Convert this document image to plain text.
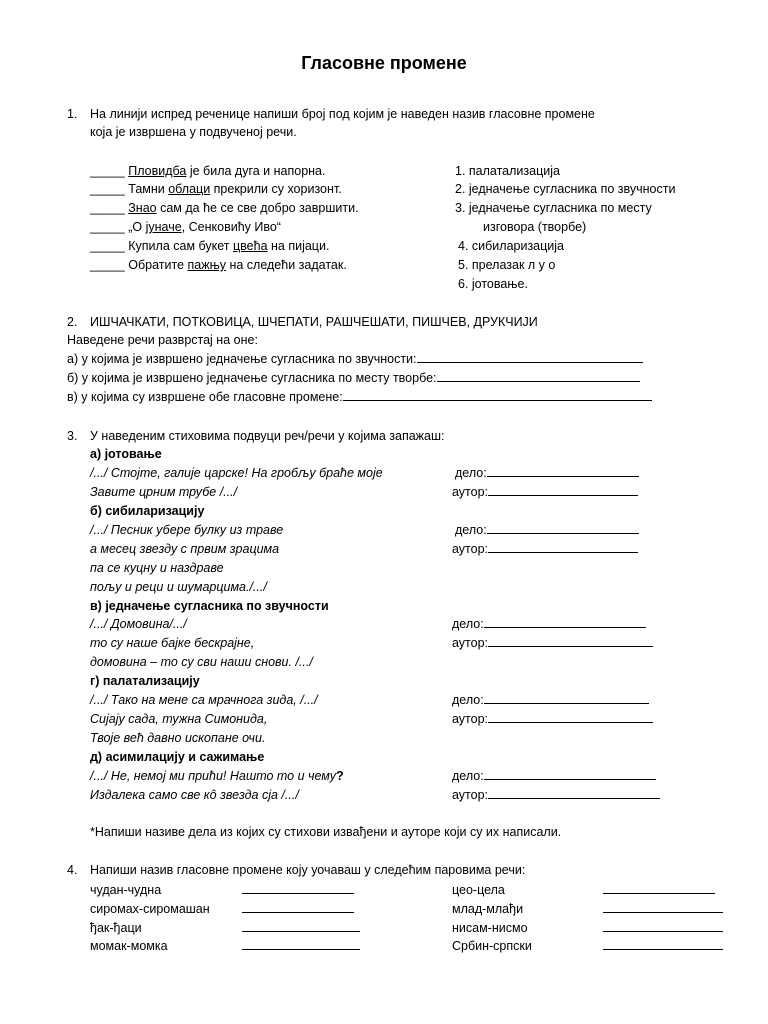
Гласовне промене
1. На линији испред реченице напиши број под којим је наведен назив гласовне промене
која је извршена у подвученој речи.
_____ Пловидба је била дуга и напорна.
_____ Тамни облаци прекрили су хоризонт.
_____ Знао сам да ће се све добро завршити.
_____ „О јуначе, Сенковићу Иво“
_____ Купила сам букет цвећа на пијаци.
_____ Обратите пажњу на следећи задатак.
1. палатализација
2. једначење сугласника по звучности
3. једначење сугласника по месту
изговора (творбе)
4. сибиларизација
5. прелазак л у о
6. јотовање.
2. ИШЧАЧКАТИ, ПОТКОВИЦА, ШЧЕПАТИ, РАШЧЕШАТИ, ПИШЧЕВ, ДРУКЧИЈИ
Наведене речи разврстај на оне:
а) у којима је извршено једначење сугласника по звучности:
б) у којима је извршено једначење сугласника по месту творбе:
в) у којима су извршене обе гласовне промене:
3. У наведеним стиховима подвуци реч/речи у којима запажаш:
а) јотовање
/.../ Стојте, галије царске! На гробљу браће моје
Завите црним трубе /.../
дело:
аутор:
б) сибиларизацију
/.../ Песник убере булку из траве
а месец звезду с првим зрацима
па се куцну и наздраве
пољу и реци и шумарцима./.../
дело:
аутор:
в) једначење сугласника по звучности
/.../ Домовина/.../
то су наше бајке бескрајне,
домовина – то су сви наши снови. /.../
дело:
аутор:
г) палатализацију
/.../ Тако на мене са мрачнога зида, /.../
Сијају сада, тужна Симонида,
Твоје већ давно ископане очи.
дело:
аутор:
д) асимилацију и сажимање
/.../ Не, немој ми прићи! Нашто то и чему?
Издалека само све кô звезда сја /.../
дело:
аутор:
*Напиши називе дела из којих су стихови извађени и ауторе који су их написали.
4. Напиши назив гласовне промене коју уочаваш у следећим паровима речи:
чудан-чудна
сиромах-сиромашан
ђак-ђаци
момак-момка
цео-цела
млад-млађи
нисам-нисмо
Србин-српски
